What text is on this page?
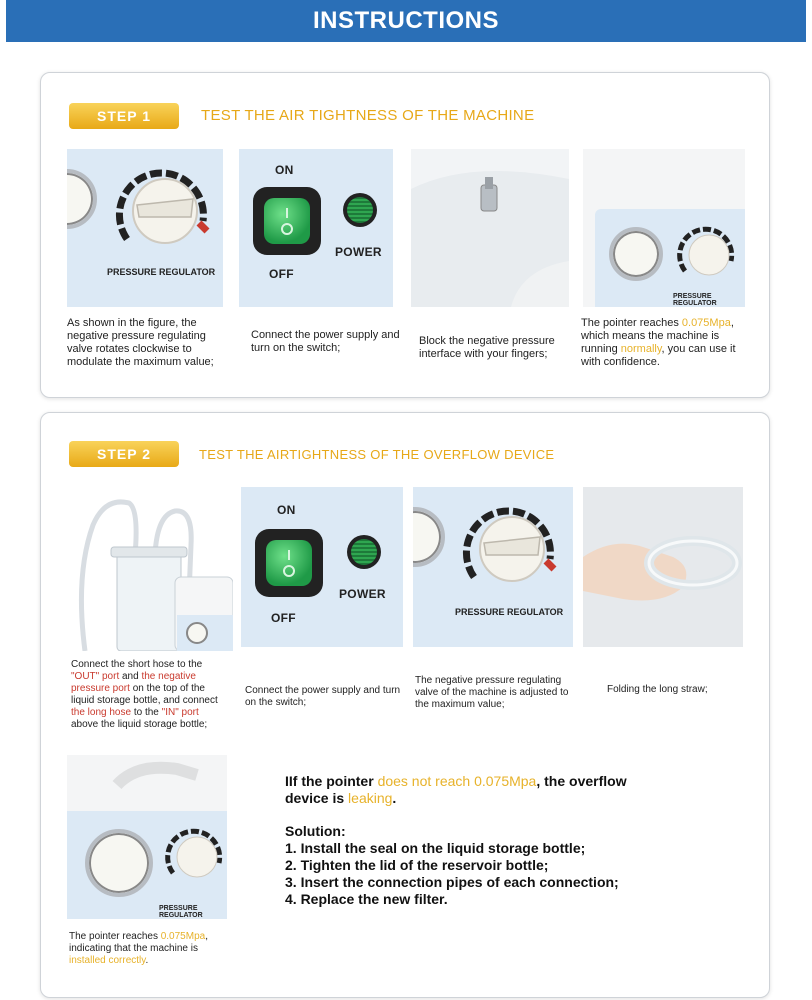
INSTRUCTIONS
STEP 1	TEST THE AIR TIGHTNESS OF THE MACHINE
PRESSURE REGULATOR
ON
POWER
OFF
PRESSURE REGULATOR
As shown in the figure, the negative pressure regulating valve rotates clockwise to modulate the maximum value;
Connect the power supply and turn on the switch;
Block the negative pressure interface with your fingers;
The pointer reaches 0.075Mpa, which means the machine is running normally, you can use it with confidence.
STEP 2	TEST THE AIRTIGHTNESS OF THE OVERFLOW DEVICE
ON
POWER
OFF	PRESSURE REGULATOR
Connect the short hose to the "OUT" port and the negative pressure port on the top of the liquid storage bottle, and connect the long hose to the "IN" port above the liquid storage bottle;
Connect the power supply and turn on the switch;
The negative pressure regulating valve of the machine is adjusted to the maximum value;
Folding the long straw;
PRESSURE REGULATOR
The pointer reaches 0.075Mpa, indicating that the machine is installed correctly.
IIf the pointer does not reach 0.075Mpa, the overflow device is leaking.
Solution:
1. Install the seal on the liquid storage bottle;
2. Tighten the lid of the reservoir bottle;
3. Insert the connection pipes of each connection;
4. Replace the new filter.
